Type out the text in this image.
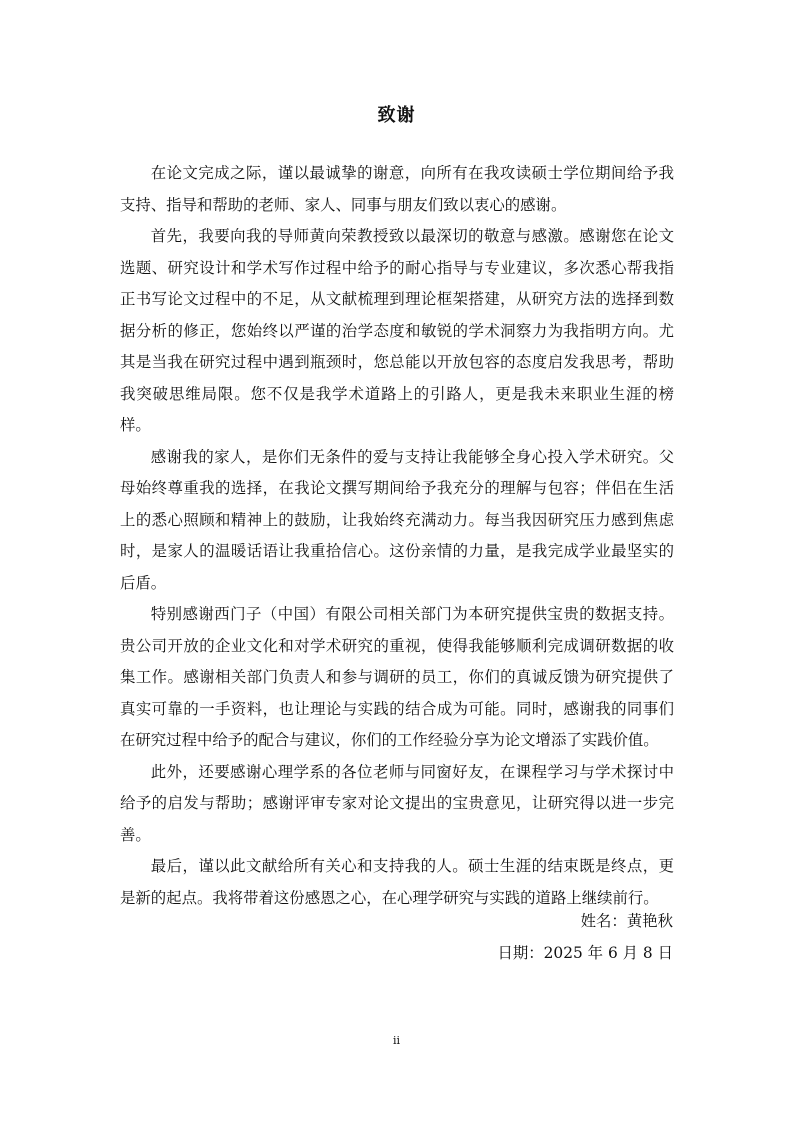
致谢

在论文完成之际，谨以最诚挚的谢意，向所有在我攻读硕士学位期间给予我支持、指导和帮助的老师、家人、同事与朋友们致以衷心的感谢。

首先，我要向我的导师黄向荣教授致以最深切的敬意与感激。感谢您在论文选题、研究设计和学术写作过程中给予的耐心指导与专业建议，多次悉心帮我指正书写论文过程中的不足，从文献梳理到理论框架搭建，从研究方法的选择到数据分析的修正，您始终以严谨的治学态度和敏锐的学术洞察力为我指明方向。尤其是当我在研究过程中遇到瓶颈时，您总能以开放包容的态度启发我思考，帮助我突破思维局限。您不仅是我学术道路上的引路人，更是我未来职业生涯的榜样。

感谢我的家人，是你们无条件的爱与支持让我能够全身心投入学术研究。父母始终尊重我的选择，在我论文撰写期间给予我充分的理解与包容；伴侣在生活上的悉心照顾和精神上的鼓励，让我始终充满动力。每当我因研究压力感到焦虑时，是家人的温暖话语让我重拾信心。这份亲情的力量，是我完成学业最坚实的后盾。

特别感谢西门子（中国）有限公司相关部门为本研究提供宝贵的数据支持。贵公司开放的企业文化和对学术研究的重视，使得我能够顺利完成调研数据的收集工作。感谢相关部门负责人和参与调研的员工，你们的真诚反馈为研究提供了真实可靠的一手资料，也让理论与实践的结合成为可能。同时，感谢我的同事们在研究过程中给予的配合与建议，你们的工作经验分享为论文增添了实践价值。

此外，还要感谢心理学系的各位老师与同窗好友，在课程学习与学术探讨中给予的启发与帮助；感谢评审专家对论文提出的宝贵意见，让研究得以进一步完善。

最后，谨以此文献给所有关心和支持我的人。硕士生涯的结束既是终点，更是新的起点。我将带着这份感恩之心，在心理学研究与实践的道路上继续前行。

姓名：黄艳秋
日期：2025 年 6 月 8 日
ii
